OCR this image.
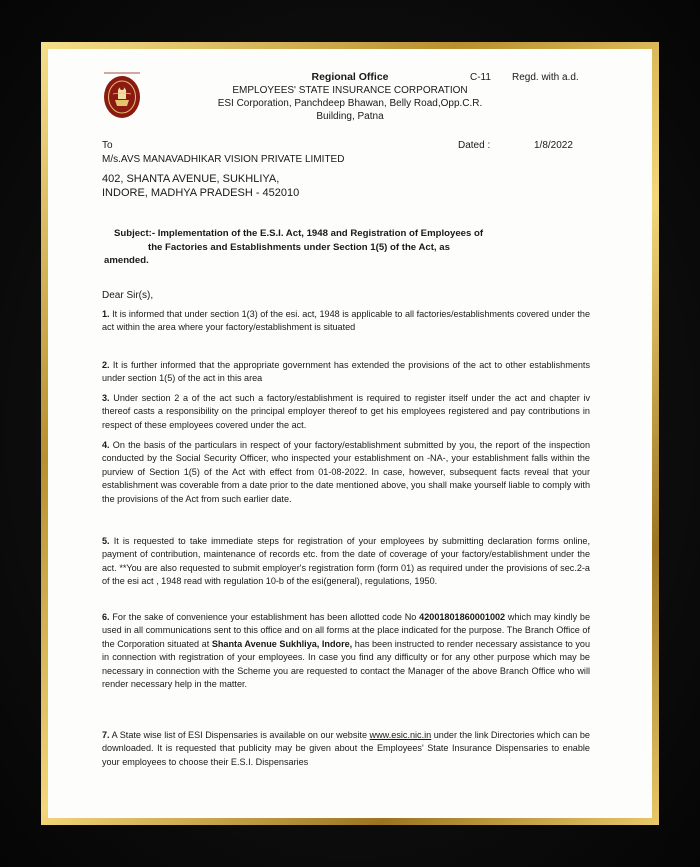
Regional Office
EMPLOYEES' STATE INSURANCE CORPORATION
ESI Corporation, Panchdeep Bhawan, Belly Road,Opp.C.R.
Building, Patna
C-11 Regd. with a.d.
To	Dated :	1/8/2022
M/s.AVS MANAVADHIKAR VISION PRIVATE LIMITED
402, SHANTA AVENUE, SUKHLIYA,
INDORE, MADHYA PRADESH - 452010
Subject:- Implementation of the E.S.I. Act, 1948 and Registration of Employees of
the Factories and Establishments under Section 1(5) of the Act, as
amended.
Dear Sir(s),
1. It is informed that under section 1(3) of the esi. act, 1948 is applicable to all factories/establishments covered under the act within the area where your factory/establishment is situated
2. It is further informed that the appropriate government has extended the provisions of the act to other establishments under section 1(5) of the act in this area
3. Under section 2 a of the act such a factory/establishment is required to register itself under the act and chapter iv thereof casts a responsibility on the principal employer thereof to get his employees registered and pay contributions in respect of these employees covered under the act.
4. On the basis of the particulars in respect of your factory/establishment submitted by you, the report of the inspection conducted by the Social Security Officer, who inspected your establishment on -NA-, your establishment falls within the purview of Section 1(5) of the Act with effect from 01-08-2022. In case, however, subsequent facts reveal that your establishment was coverable from a date prior to the date mentioned above, you shall make yourself liable to comply with the provisions of the Act from such earlier date.
5. It is requested to take immediate steps for registration of your employees by submitting declaration forms online, payment of contribution, maintenance of records etc. from the date of coverage of your factory/establishment under the act. **You are also requested to submit employer's registration form (form 01) as required under the provisions of sec.2-a of the esi act , 1948 read with regulation 10-b of the esi(general), regulations, 1950.
6. For the sake of convenience your establishment has been allotted code No 42001801860001002 which may kindly be used in all communications sent to this office and on all forms at the place indicated for the purpose. The Branch Office of the Corporation situated at Shanta Avenue Sukhliya, Indore, has been instructed to render necessary assistance to you in connection with registration of your employees. In case you find any difficulty or for any other purpose which may be necessary in connection with the Scheme you are requested to contact the Manager of the above Branch Office who will render necessary help in the matter.
7. A State wise list of ESI Dispensaries is available on our website www.esic.nic.in under the link Directories which can be downloaded. It is requested that publicity may be given about the Employees' State Insurance Dispensaries to enable your employees to choose their E.S.I. Dispensaries
